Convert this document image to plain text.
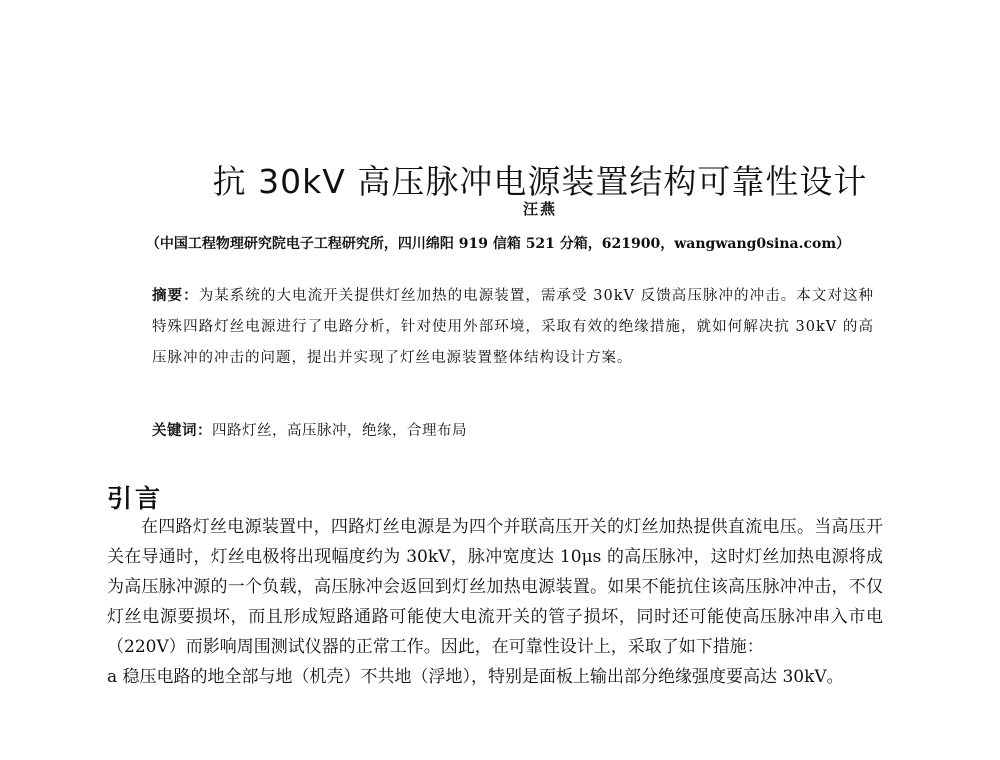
抗 30kV 高压脉冲电源装置结构可靠性设计
汪燕
（中国工程物理研究院电子工程研究所，四川绵阳 919 信箱 521 分箱，621900，wangwang0sina.com）
摘要：为某系统的大电流开关提供灯丝加热的电源装置，需承受 30kV 反馈高压脉冲的冲击。本文对这种特殊四路灯丝电源进行了电路分析，针对使用外部环境，采取有效的绝缘措施，就如何解决抗 30kV 的高压脉冲的冲击的问题，提出并实现了灯丝电源装置整体结构设计方案。
关键词：四路灯丝，高压脉冲，绝缘，合理布局
引言

在四路灯丝电源装置中，四路灯丝电源是为四个并联高压开关的灯丝加热提供直流电压。当高压开关在导通时，灯丝电极将出现幅度约为 30kV，脉冲宽度达 10μs 的高压脉冲，这时灯丝加热电源将成为高压脉冲源的一个负载，高压脉冲会返回到灯丝加热电源装置。如果不能抗住该高压脉冲冲击，不仅灯丝电源要损坏，而且形成短路通路可能使大电流开关的管子损坏，同时还可能使高压脉冲串入市电（220V）而影响周围测试仪器的正常工作。因此，在可靠性设计上，采取了如下措施：

a 稳压电路的地全部与地（机壳）不共地（浮地），特别是面板上输出部分绝缘强度要高达 30kV。
